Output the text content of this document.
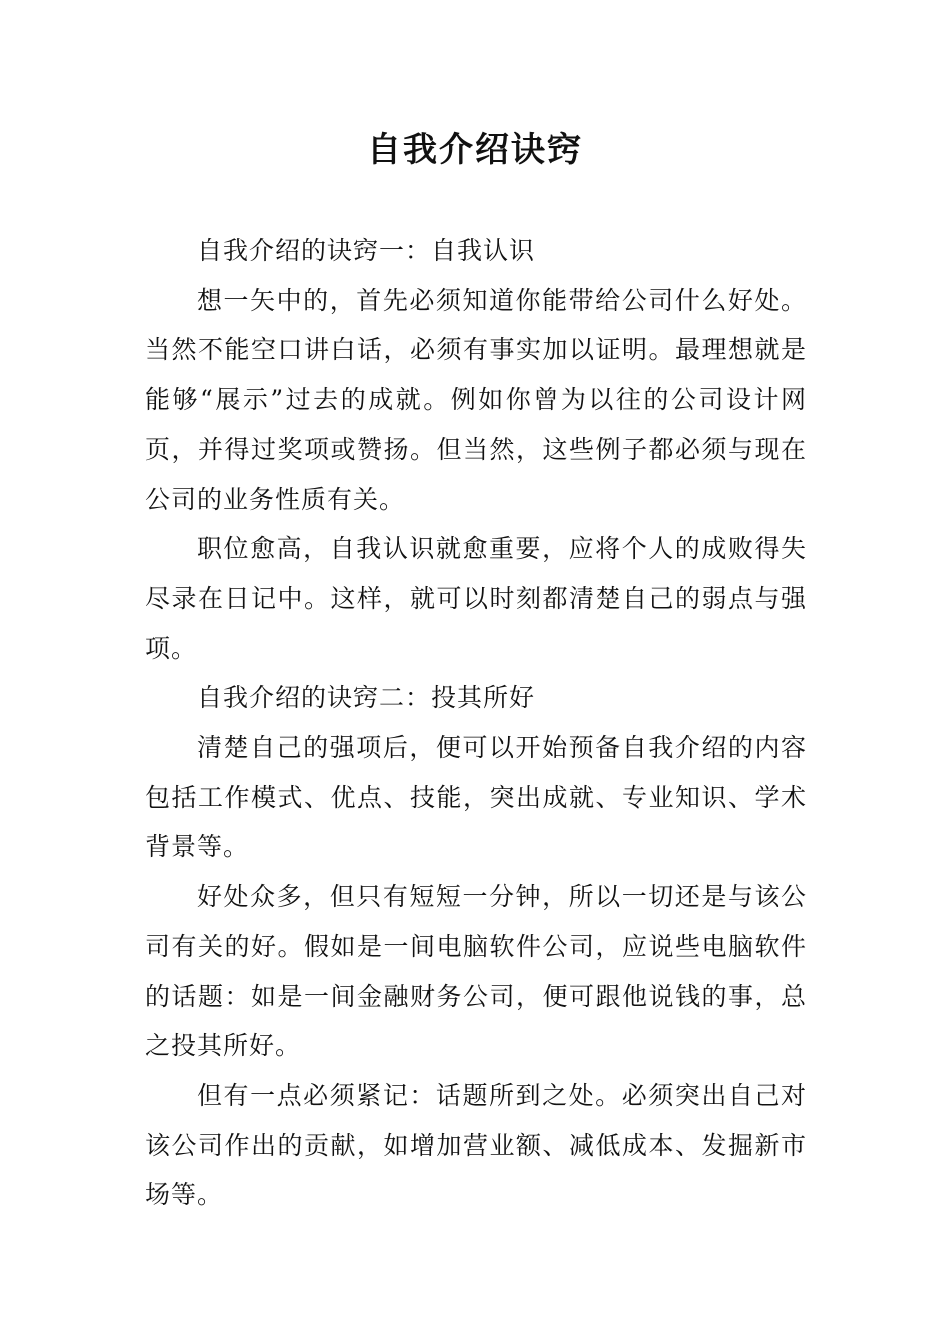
自我介绍诀窍

自我介绍的诀窍一：自我认识

想一矢中的，首先必须知道你能带给公司什么好处。当然不能空口讲白话，必须有事实加以证明。最理想就是能够“展示”过去的成就。例如你曾为以往的公司设计网页，并得过奖项或赞扬。但当然，这些例子都必须与现在公司的业务性质有关。

职位愈高，自我认识就愈重要，应将个人的成败得失尽录在日记中。这样，就可以时刻都清楚自己的弱点与强项。

自我介绍的诀窍二：投其所好

清楚自己的强项后，便可以开始预备自我介绍的内容包括工作模式、优点、技能，突出成就、专业知识、学术背景等。

好处众多，但只有短短一分钟，所以一切还是与该公司有关的好。假如是一间电脑软件公司，应说些电脑软件的话题：如是一间金融财务公司，便可跟他说钱的事，总之投其所好。

但有一点必须紧记：话题所到之处。必须突出自己对该公司作出的贡献，如增加营业额、减低成本、发掘新市场等。
